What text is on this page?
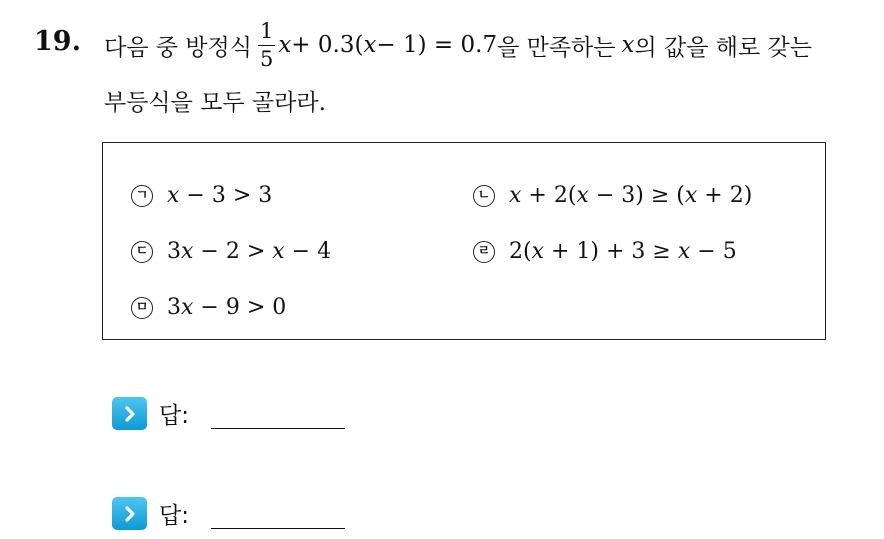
19. 다음 중 방정식 $\frac{1}{5} x+ 0.3(x- 1) = 0.7$ 을 만족하는 x 의 값을 해로 갖는
부등식을 모두 골라라.
ㄱ x − 3 > 3	ㄴ x + 2(x − 3) ≥ (x + 2)
ㄷ 3x − 2 > x − 4	ㄹ 2(x + 1) + 3 ≥ x − 5
ㅁ 3x − 9 > 0
답:
답:
